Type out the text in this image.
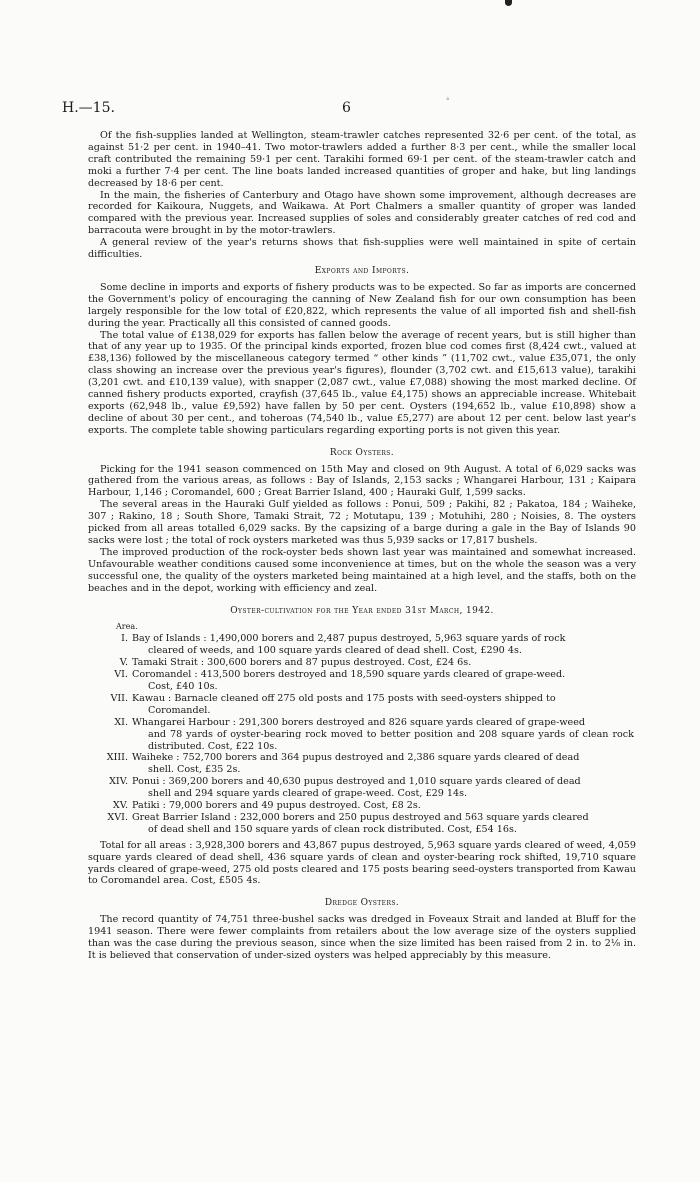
H.—15.	6	°

Of the fish-supplies landed at Wellington, steam-trawler catches represented 32·6 per cent. of the total, as against 51·2 per cent. in 1940–41. Two motor-trawlers added a further 8·3 per cent., while the smaller local craft contributed the remaining 59·1 per cent. Tarakihi formed 69·1 per cent. of the steam-trawler catch and moki a further 7·4 per cent. The line boats landed increased quantities of groper and hake, but ling landings decreased by 18·6 per cent.

In the main, the fisheries of Canterbury and Otago have shown some improvement, although decreases are recorded for Kaikoura, Nuggets, and Waikawa. At Port Chalmers a smaller quantity of groper was landed compared with the previous year. Increased supplies of soles and considerably greater catches of red cod and barracouta were brought in by the motor-trawlers.

A general review of the year's returns shows that fish-supplies were well maintained in spite of certain difficulties.

Exports and Imports.

Some decline in imports and exports of fishery products was to be expected. So far as imports are concerned the Government's policy of encouraging the canning of New Zealand fish for our own consumption has been largely responsible for the low total of £20,822, which represents the value of all imported fish and shell-fish during the year. Practically all this consisted of canned goods.

The total value of £138,029 for exports has fallen below the average of recent years, but is still higher than that of any year up to 1935. Of the principal kinds exported, frozen blue cod comes first (8,424 cwt., valued at £38,136) followed by the miscellaneous category termed “ other kinds ” (11,702 cwt., value £35,071, the only class showing an increase over the previous year's figures), flounder (3,702 cwt. and £15,613 value), tarakihi (3,201 cwt. and £10,139 value), with snapper (2,087 cwt., value £7,088) showing the most marked decline. Of canned fishery products exported, crayfish (37,645 lb., value £4,175) shows an appreciable increase. Whitebait exports (62,948 lb., value £9,592) have fallen by 50 per cent. Oysters (194,652 lb., value £10,898) show a decline of about 30 per cent., and toheroas (74,540 lb., value £5,277) are about 12 per cent. below last year's exports. The complete table showing particulars regarding exporting ports is not given this year.

Rock Oysters.

Picking for the 1941 season commenced on 15th May and closed on 9th August. A total of 6,029 sacks was gathered from the various areas, as follows : Bay of Islands, 2,153 sacks ; Whangarei Harbour, 131 ; Kaipara Harbour, 1,146 ; Coromandel, 600 ; Great Barrier Island, 400 ; Hauraki Gulf, 1,599 sacks.

The several areas in the Hauraki Gulf yielded as follows : Ponui, 509 ; Pakihi, 82 ; Pakatoa, 184 ; Waiheke, 307 ; Rakino, 18 ; South Shore, Tamaki Strait, 72 ; Motutapu, 139 ; Motuhihi, 280 ; Noisies, 8. The oysters picked from all areas totalled 6,029 sacks. By the capsizing of a barge during a gale in the Bay of Islands 90 sacks were lost ; the total of rock oysters marketed was thus 5,939 sacks or 17,817 bushels.

The improved production of the rock-oyster beds shown last year was maintained and somewhat increased. Unfavourable weather conditions caused some inconvenience at times, but on the whole the season was a very successful one, the quality of the oysters marketed being maintained at a high level, and the staffs, both on the beaches and in the depot, working with efficiency and zeal.

Oyster-cultivation for the Year ended 31st March, 1942.
Area.
I. Bay of Islands : 1,490,000 borers and 2,487 pupus destroyed, 5,963 square yards of rock
cleared of weeds, and 100 square yards cleared of dead shell. Cost, £290 4s.
V. Tamaki Strait : 300,600 borers and 87 pupus destroyed. Cost, £24 6s.
VI. Coromandel : 413,500 borers destroyed and 18,590 square yards cleared of grape-weed.
Cost, £40 10s.
VII. Kawau : Barnacle cleaned off 275 old posts and 175 posts with seed-oysters shipped to
Coromandel.
XI. Whangarei Harbour : 291,300 borers destroyed and 826 square yards cleared of grape-weed
and 78 yards of oyster-bearing rock moved to better position and 208 square yards of clean rock distributed. Cost, £22 10s.
XIII. Waiheke : 752,700 borers and 364 pupus destroyed and 2,386 square yards cleared of dead
shell. Cost, £35 2s.
XIV. Ponui : 369,200 borers and 40,630 pupus destroyed and 1,010 square yards cleared of dead
shell and 294 square yards cleared of grape-weed. Cost, £29 14s.
XV. Patiki : 79,000 borers and 49 pupus destroyed. Cost, £8 2s.
XVI. Great Barrier Island : 232,000 borers and 250 pupus destroyed and 563 square yards cleared
of dead shell and 150 square yards of clean rock distributed. Cost, £54 16s.

Total for all areas : 3,928,300 borers and 43,867 pupus destroyed, 5,963 square yards cleared of weed, 4,059 square yards cleared of dead shell, 436 square yards of clean and oyster-bearing rock shifted, 19,710 square yards cleared of grape-weed, 275 old posts cleared and 175 posts bearing seed-oysters transported from Kawau to Coromandel area. Cost, £505 4s.

Dredge Oysters.

The record quantity of 74,751 three-bushel sacks was dredged in Foveaux Strait and landed at Bluff for the 1941 season. There were fewer complaints from retailers about the low average size of the oysters supplied than was the case during the previous season, since when the size limited has been raised from 2 in. to 2⅛ in. It is believed that conservation of under-sized oysters was helped appreciably by this measure.
